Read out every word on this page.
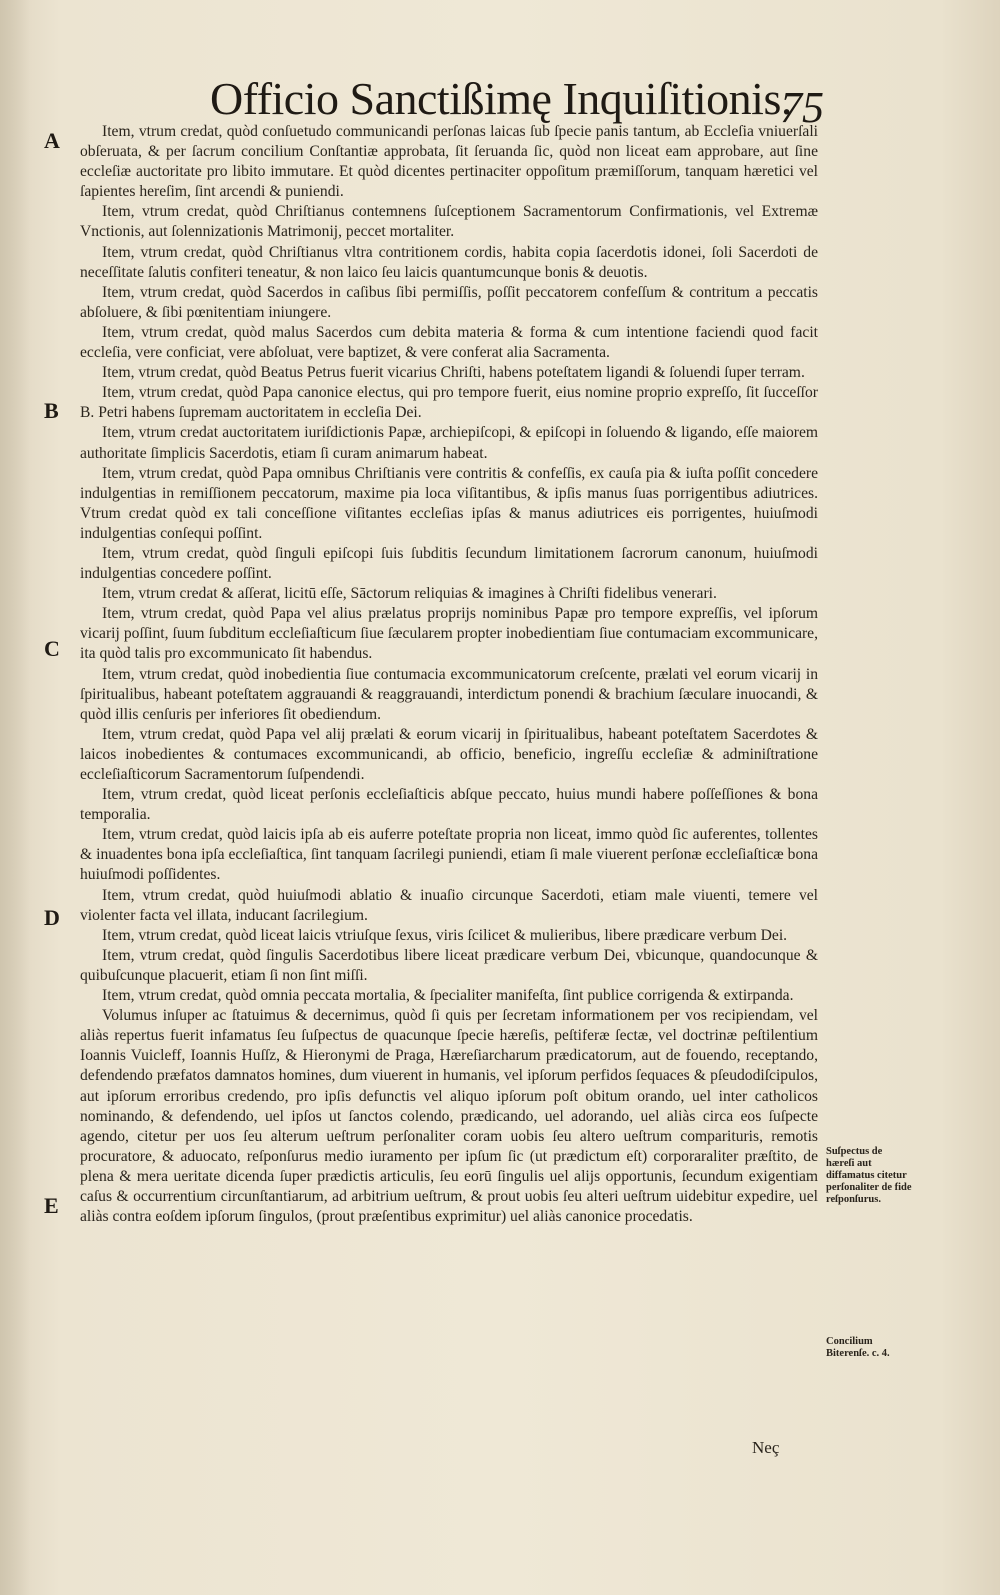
Officio Sanctißimę Inquiſitionis.
75
A
B
C
D
E

Item, vtrum credat, quòd conſuetudo communicandi perſonas laicas ſub ſpecie panis tantum, ab Eccleſia vniuerſali obſeruata, & per ſacrum concilium Conſtantiæ approbata, ſit ſeruanda ſic, quòd non liceat eam approbare, aut ſine eccleſiæ auctoritate pro libito immutare. Et quòd dicentes pertinaciter oppoſitum præmiſſorum, tanquam hæretici vel ſapientes hereſim, ſint arcendi & puniendi.

Item, vtrum credat, quòd Chriſtianus contemnens ſuſceptionem Sacramentorum Confirmationis, vel Extremæ Vnctionis, aut ſolennizationis Matrimonij, peccet mortaliter.

Item, vtrum credat, quòd Chriſtianus vltra contritionem cordis, habita copia ſacerdotis idonei, ſoli Sacerdoti de neceſſitate ſalutis confiteri teneatur, & non laico ſeu laicis quantumcunque bonis & deuotis.

Item, vtrum credat, quòd Sacerdos in caſibus ſibi permiſſis, poſſit peccatorem confeſſum & contritum a peccatis abſoluere, & ſibi pœnitentiam iniungere.

Item, vtrum credat, quòd malus Sacerdos cum debita materia & forma & cum intentione faciendi quod facit eccleſia, vere conficiat, vere abſoluat, vere baptizet, & vere conferat alia Sacramenta.

Item, vtrum credat, quòd Beatus Petrus fuerit vicarius Chriſti, habens poteſtatem ligandi & ſoluendi ſuper terram.

Item, vtrum credat, quòd Papa canonice electus, qui pro tempore fuerit, eius nomine proprio expreſſo, ſit ſucceſſor B. Petri habens ſupremam auctoritatem in eccleſia Dei.

Item, vtrum credat auctoritatem iuriſdictionis Papæ, archiepiſcopi, & epiſcopi in ſoluendo & ligando, eſſe maiorem authoritate ſimplicis Sacerdotis, etiam ſi curam animarum habeat.

Item, vtrum credat, quòd Papa omnibus Chriſtianis vere contritis & confeſſis, ex cauſa pia & iuſta poſſit concedere indulgentias in remiſſionem peccatorum, maxime pia loca viſitantibus, & ipſis manus ſuas porrigentibus adiutrices. Vtrum credat quòd ex tali conceſſione viſitantes eccleſias ipſas & manus adiutrices eis porrigentes, huiuſmodi indulgentias conſequi poſſint.

Item, vtrum credat, quòd ſinguli epiſcopi ſuis ſubditis ſecundum limitationem ſacrorum canonum, huiuſmodi indulgentias concedere poſſint.

Item, vtrum credat & aſſerat, licitū eſſe, Sāctorum reliquias & imagines à Chriſti fidelibus venerari.

Item, vtrum credat, quòd Papa vel alius prælatus proprijs nominibus Papæ pro tempore expreſſis, vel ipſorum vicarij poſſint, ſuum ſubditum eccleſiaſticum ſiue ſæcularem propter inobedientiam ſiue contumaciam excommunicare, ita quòd talis pro excommunicato ſit habendus.

Item, vtrum credat, quòd inobedientia ſiue contumacia excommunicatorum creſcente, prælati vel eorum vicarij in ſpiritualibus, habeant poteſtatem aggrauandi & reaggrauandi, interdictum ponendi & brachium ſæculare inuocandi, & quòd illis cenſuris per inferiores ſit obediendum.

Item, vtrum credat, quòd Papa vel alij prælati & eorum vicarij in ſpiritualibus, habeant poteſtatem Sacerdotes & laicos inobedientes & contumaces excommunicandi, ab officio, beneficio, ingreſſu eccleſiæ & adminiſtratione eccleſiaſticorum Sacramentorum ſuſpendendi.

Item, vtrum credat, quòd liceat perſonis eccleſiaſticis abſque peccato, huius mundi habere poſſeſſiones & bona temporalia.

Item, vtrum credat, quòd laicis ipſa ab eis auferre poteſtate propria non liceat, immo quòd ſic auferentes, tollentes & inuadentes bona ipſa eccleſiaſtica, ſint tanquam ſacrilegi puniendi, etiam ſi male viuerent perſonæ eccleſiaſticæ bona huiuſmodi poſſidentes.

Item, vtrum credat, quòd huiuſmodi ablatio & inuaſio circunque Sacerdoti, etiam male viuenti, temere vel violenter facta vel illata, inducant ſacrilegium.

Item, vtrum credat, quòd liceat laicis vtriuſque ſexus, viris ſcilicet & mulieribus, libere prædicare verbum Dei.

Item, vtrum credat, quòd ſingulis Sacerdotibus libere liceat prædicare verbum Dei, vbicunque, quandocunque & quibuſcunque placuerit, etiam ſi non ſint miſſi.

Item, vtrum credat, quòd omnia peccata mortalia, & ſpecialiter manifeſta, ſint publice corrigenda & extirpanda.

Volumus inſuper ac ſtatuimus & decernimus, quòd ſi quis per ſecretam informationem per vos recipiendam, vel aliàs repertus fuerit infamatus ſeu ſuſpectus de quacunque ſpecie hæreſis, peſtiferæ ſectæ, vel doctrinæ peſtilentium Ioannis Vuicleff, Ioannis Huſſz, & Hieronymi de Praga, Hæreſiarcharum prædicatorum, aut de fouendo, receptando, defendendo præfatos damnatos homines, dum viuerent in humanis, vel ipſorum perfidos ſequaces & pſeudodiſcipulos, aut ipſorum erroribus credendo, pro ipſis defunctis vel aliquo ipſorum poſt obitum orando, uel inter catholicos nominando, & defendendo, uel ipſos ut ſanctos colendo, prædicando, uel adorando, uel aliàs circa eos ſuſpecte agendo, citetur per uos ſeu alterum ueſtrum perſonaliter coram uobis ſeu altero ueſtrum comparituris, remotis procuratore, & aduocato, reſponſurus medio iuramento per ipſum ſic (ut prædictum eſt) corporaraliter præſtito, de plena & mera ueritate dicenda ſuper prædictis articulis, ſeu eorū ſingulis uel alijs opportunis, ſecundum exigentiam caſus & occurrentium circunſtantiarum, ad arbitrium ueſtrum, & prout uobis ſeu alteri ueſtrum uidebitur expedire, uel aliàs contra eoſdem ipſorum ſingulos, (prout præſentibus exprimitur) uel aliàs canonice procedatis.

Suſpectus de hæreſi aut diffamatus citetur perſonaliter de fide reſponſurus.
Concilium Biterenſe. c. 4.
Neç
